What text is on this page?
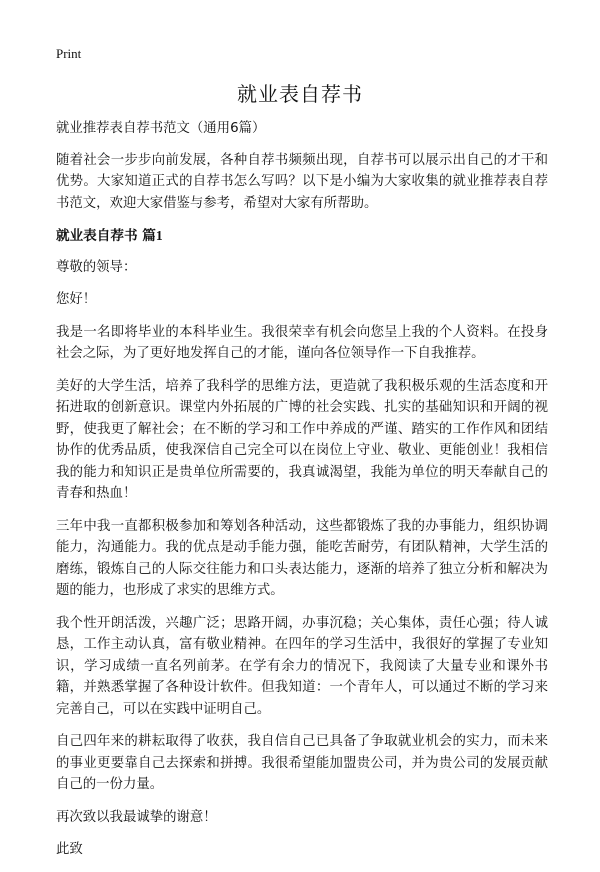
Print
就业表自荐书
就业推荐表自荐书范文（通用6篇）
随着社会一步步向前发展，各种自荐书频频出现，自荐书可以展示出自己的才干和优势。大家知道正式的自荐书怎么写吗？以下是小编为大家收集的就业推荐表自荐书范文，欢迎大家借鉴与参考，希望对大家有所帮助。
就业表自荐书 篇1
尊敬的领导：
您好！
我是一名即将毕业的本科毕业生。我很荣幸有机会向您呈上我的个人资料。在投身社会之际，为了更好地发挥自己的才能，谨向各位领导作一下自我推荐。
美好的大学生活，培养了我科学的思维方法，更造就了我积极乐观的生活态度和开拓进取的创新意识。课堂内外拓展的广博的社会实践、扎实的基础知识和开阔的视野，使我更了解社会；在不断的学习和工作中养成的严谨、踏实的工作作风和团结协作的优秀品质，使我深信自己完全可以在岗位上守业、敬业、更能创业！我相信我的能力和知识正是贵单位所需要的，我真诚渴望，我能为单位的明天奉献自己的青春和热血！
三年中我一直都积极参加和筹划各种活动，这些都锻炼了我的办事能力，组织协调能力，沟通能力。我的优点是动手能力强，能吃苦耐劳，有团队精神，大学生活的磨练，锻炼自己的人际交往能力和口头表达能力，逐渐的培养了独立分析和解决为题的能力，也形成了求实的思维方式。
我个性开朗活泼，兴趣广泛；思路开阔，办事沉稳；关心集体，责任心强；待人诚恳，工作主动认真，富有敬业精神。在四年的学习生活中，我很好的掌握了专业知识，学习成绩一直名列前茅。在学有余力的情况下，我阅读了大量专业和课外书籍，并熟悉掌握了各种设计软件。但我知道：一个青年人，可以通过不断的学习来完善自己，可以在实践中证明自己。
自己四年来的耕耘取得了收获，我自信自己已具备了争取就业机会的实力，而未来的事业更要靠自己去探索和拼搏。我很希望能加盟贵公司，并为贵公司的发展贡献自己的一份力量。
再次致以我最诚挚的谢意！
此致
